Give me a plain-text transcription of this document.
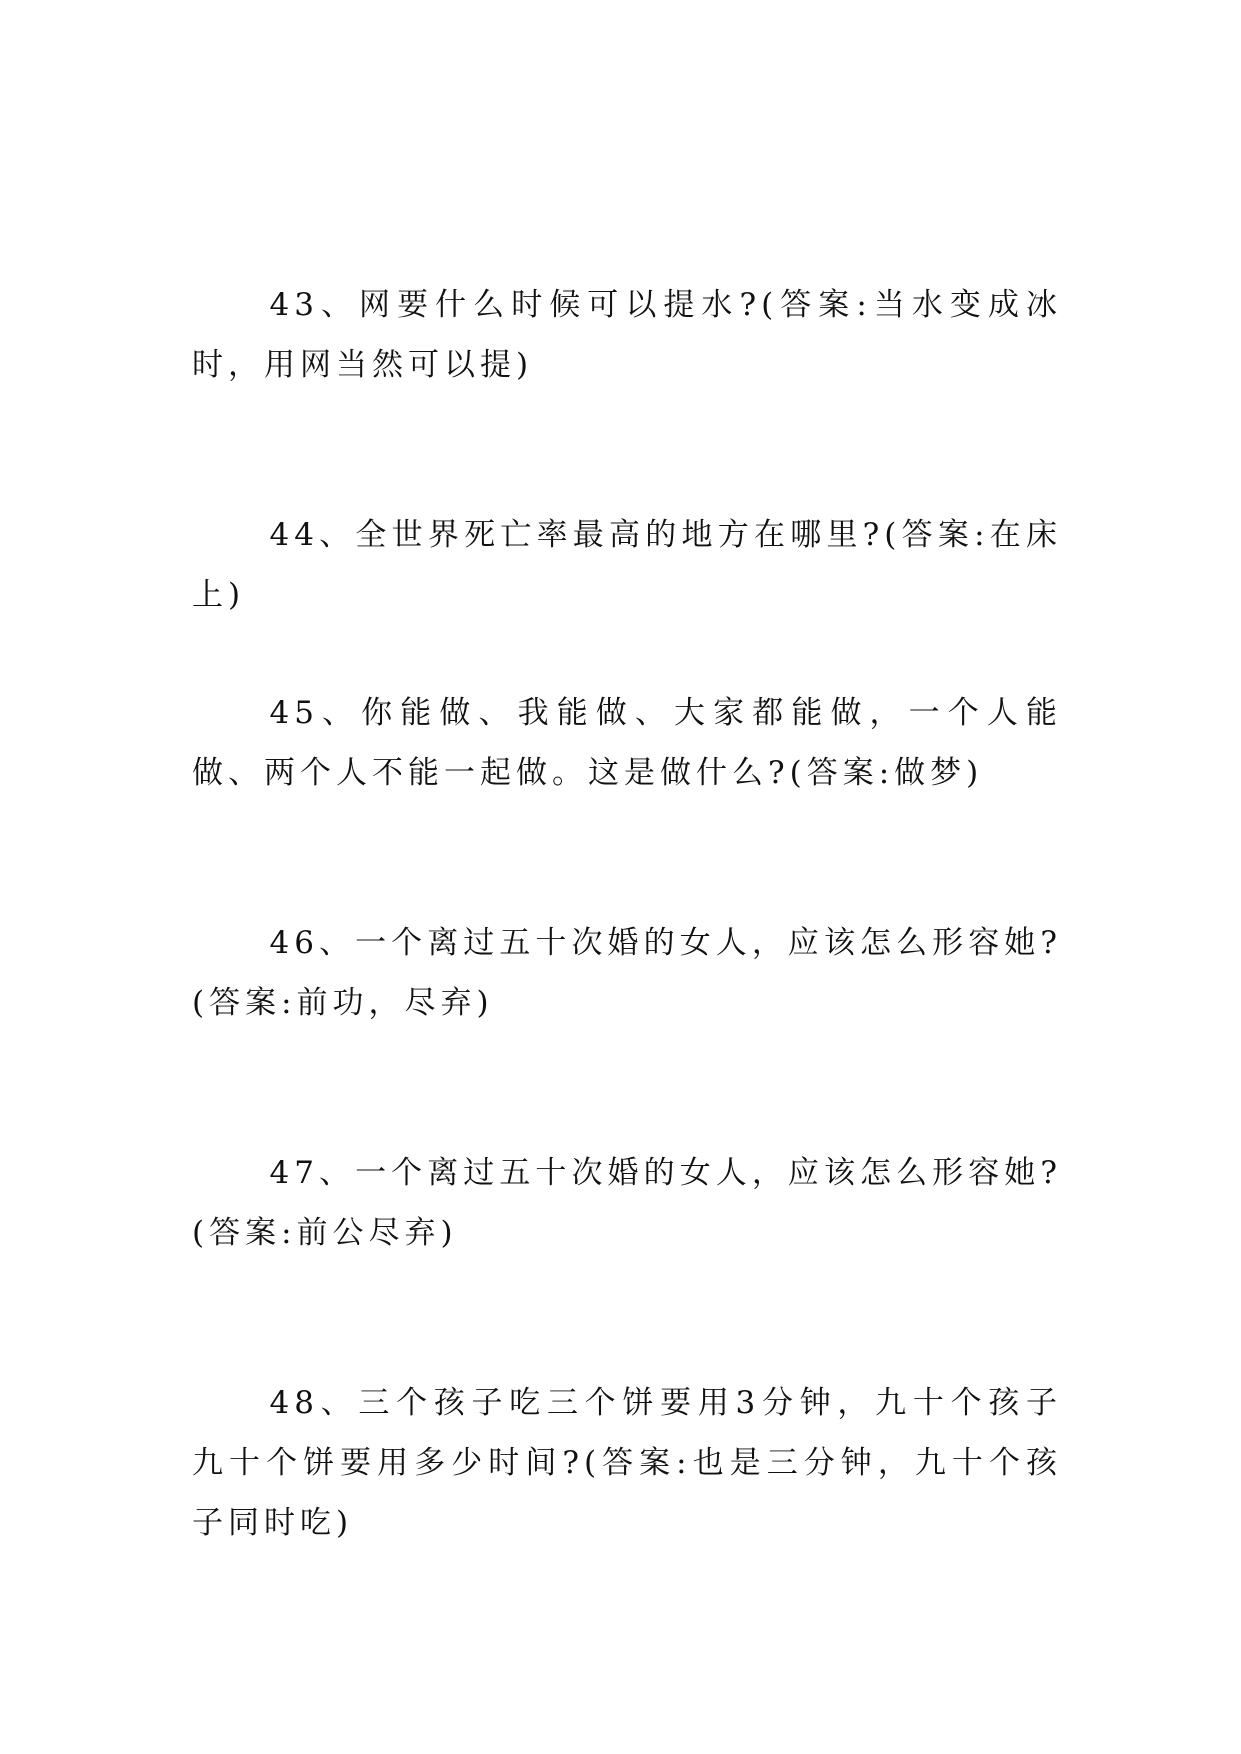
43、网要什么时候可以提水?(答案:当水变成冰时，用网当然可以提)

44、全世界死亡率最高的地方在哪里?(答案:在床上)

45、你能做、我能做、大家都能做，一个人能做、两个人不能一起做。这是做什么?(答案:做梦)

46、一个离过五十次婚的女人，应该怎么形容她?(答案:前功，尽弃)

47、一个离过五十次婚的女人，应该怎么形容她?(答案:前公尽弃)

48、三个孩子吃三个饼要用3分钟，九十个孩子九十个饼要用多少时间?(答案:也是三分钟，九十个孩子同时吃)
